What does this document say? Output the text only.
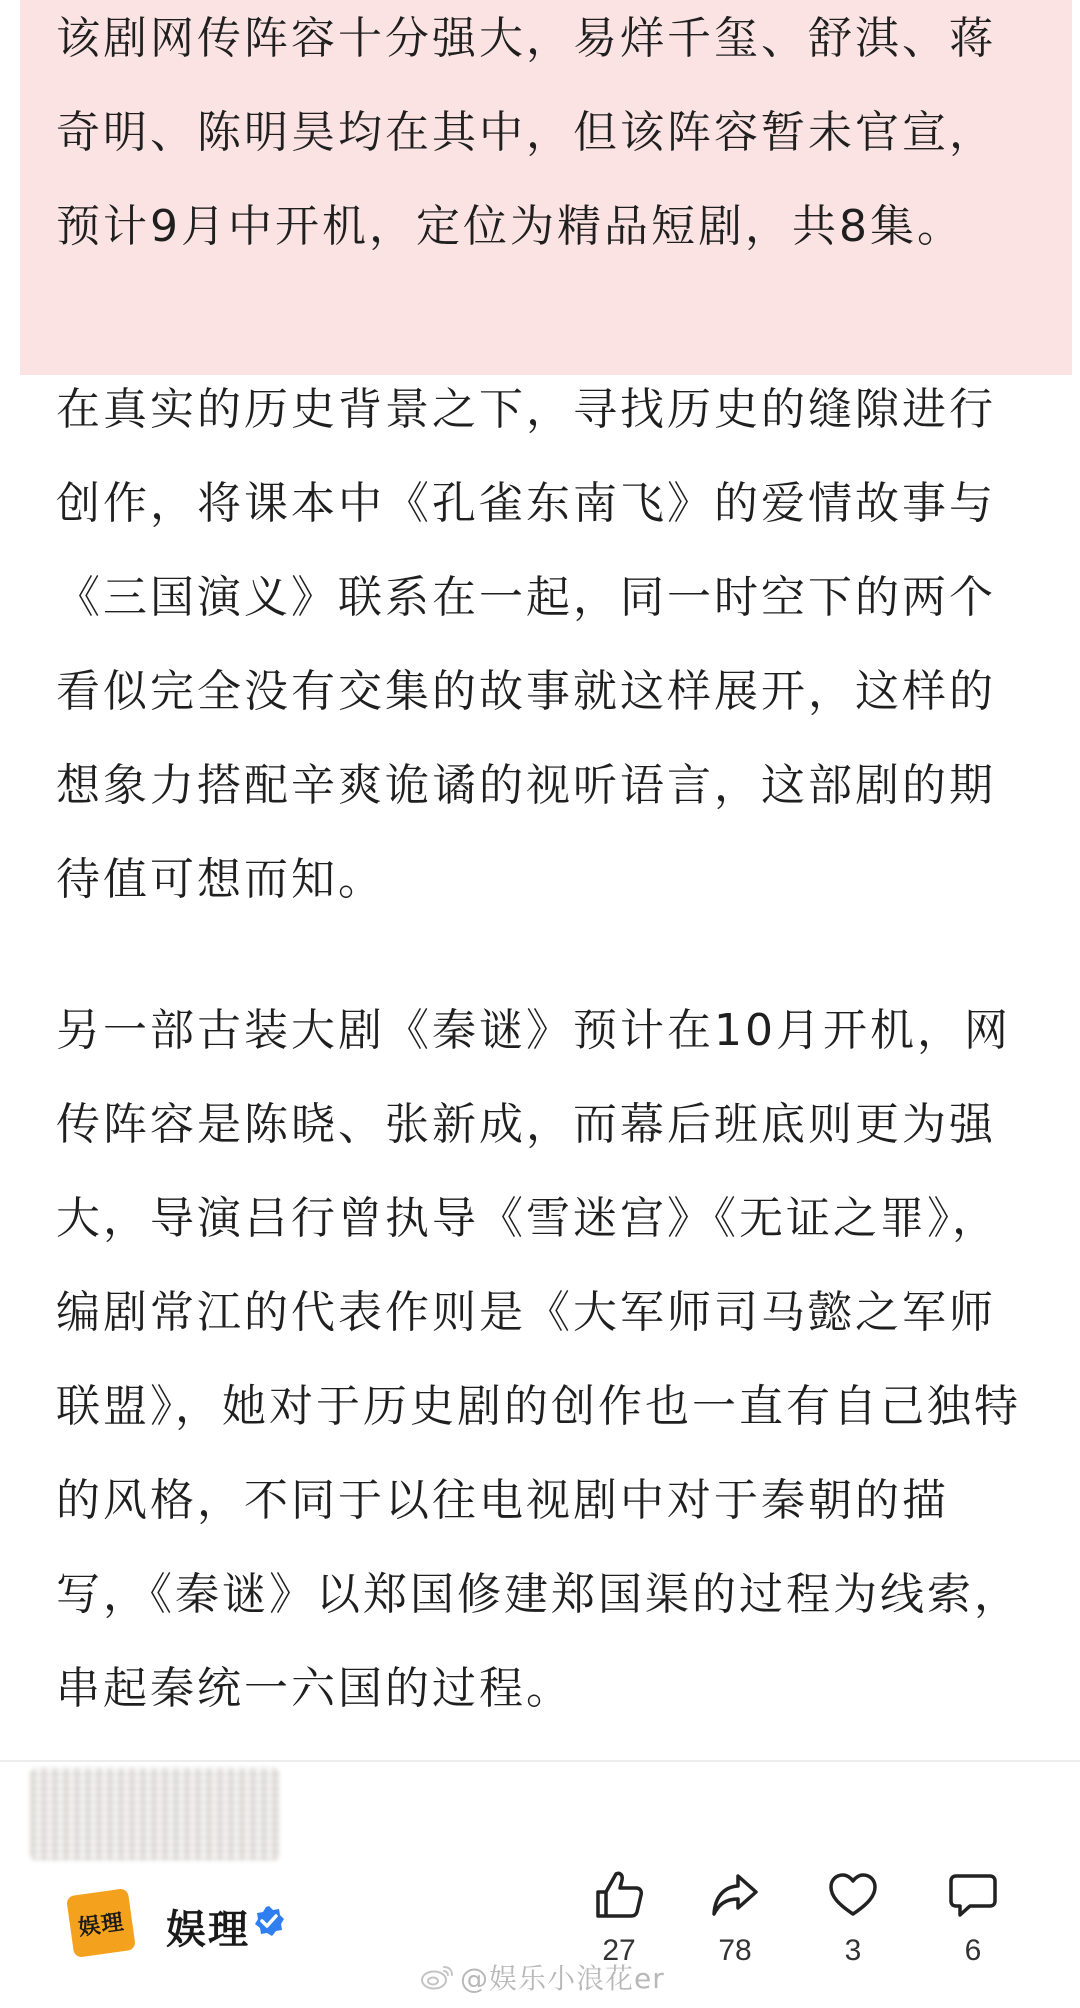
该剧网传阵容十分强大，易烊千玺、舒淇、蒋奇明、陈明昊均在其中，但该阵容暂未官宣，预计9月中开机，定位为精品短剧，共8集。

在真实的历史背景之下，寻找历史的缝隙进行创作，将课本中《孔雀东南飞》的爱情故事与《三国演义》联系在一起，同一时空下的两个看似完全没有交集的故事就这样展开，这样的想象力搭配辛爽诡谲的视听语言，这部剧的期待值可想而知。

另一部古装大剧《秦谜》预计在10月开机，网传阵容是陈晓、张新成，而幕后班底则更为强大，导演吕行曾执导《雪迷宫》《无证之罪》，编剧常江的代表作则是《大军师司马懿之军师联盟》，她对于历史剧的创作也一直有自己独特的风格，不同于以往电视剧中对于秦朝的描写，《秦谜》以郑国修建郑国渠的过程为线索，串起秦统一六国的过程。

娱理 娱理	27	78	3	6
@娱乐小浪花er
